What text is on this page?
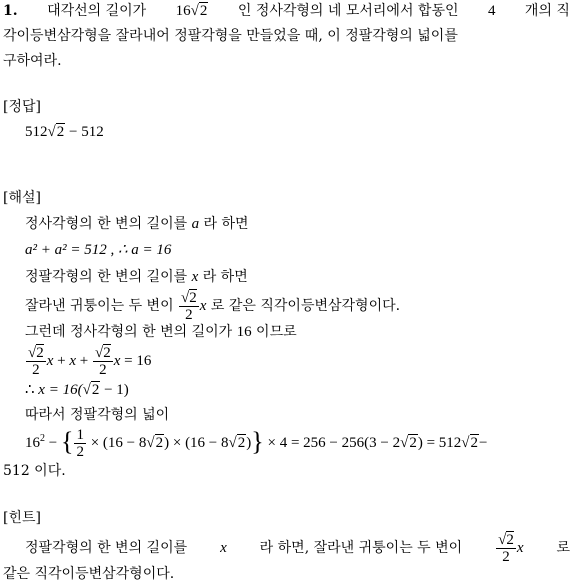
1. 대각선의 길이가 16√2 인 정사각형의 네 모서리에서 합동인 4 개의 직
각이등변삼각형을 잘라내어 정팔각형을 만들었을 때, 이 정팔각형의 넓이를
구하여라.
[정답]
512√2 − 512
[해설]
정사각형의 한 변의 길이를 a 라 하면
a² + a² = 512 , ∴ a = 16
정팔각형의 한 변의 길이를 x 라 하면
잘라낸 귀퉁이는 두 변이 $\frac{√2}{2}$ x 로 같은 직각이등변삼각형이다.
그런데 정사각형의 한 변의 길이가 16 이므로
$\frac{√2}{2}$ $x + x + \frac{√2}{2}$ x = 16
∴ x = 16(√2 − 1)
따라서 정팔각형의 넓이
$16^2$ − { $\frac{1}{2} \times (16 - 8√2) \times (16 - 8√2)\} \times 4 = 256 - 256(3 - 2√2) = 512√2-$
512 이다.
[힌트]
정팔각형의 한 변의 길이를 x 라 하면, 잘라낸 귀퉁이는 두 변이 $\frac{√2}{2}$ x 로
같은 직각이등변삼각형이다.
